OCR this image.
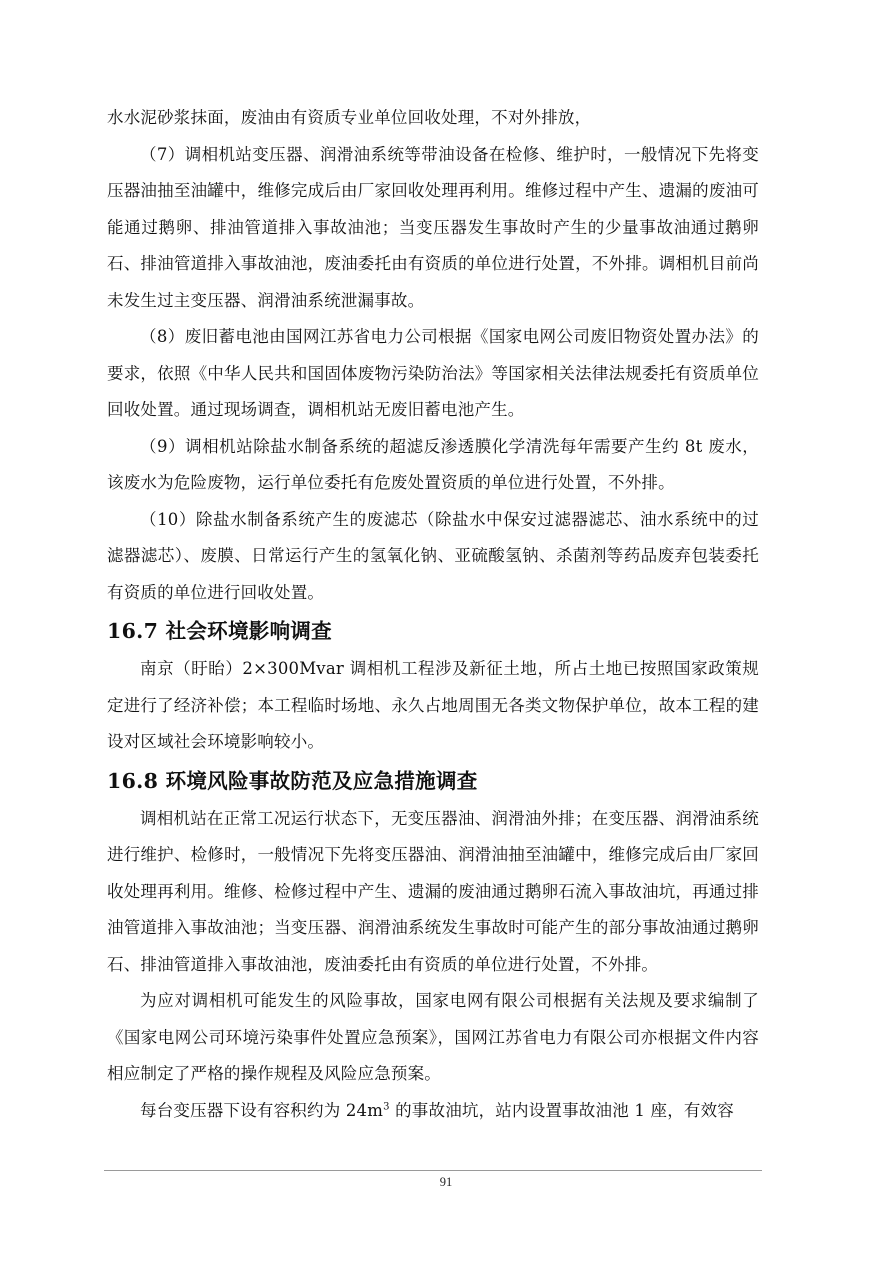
水水泥砂浆抹面，废油由有资质专业单位回收处理，不对外排放，

（7）调相机站变压器、润滑油系统等带油设备在检修、维护时，一般情况下先将变压器油抽至油罐中，维修完成后由厂家回收处理再利用。维修过程中产生、遗漏的废油可能通过鹅卵、排油管道排入事故油池；当变压器发生事故时产生的少量事故油通过鹅卵石、排油管道排入事故油池，废油委托由有资质的单位进行处置，不外排。调相机目前尚未发生过主变压器、润滑油系统泄漏事故。

（8）废旧蓄电池由国网江苏省电力公司根据《国家电网公司废旧物资处置办法》的要求，依照《中华人民共和国固体废物污染防治法》等国家相关法律法规委托有资质单位回收处置。通过现场调查，调相机站无废旧蓄电池产生。

（9）调相机站除盐水制备系统的超滤反渗透膜化学清洗每年需要产生约 8t 废水，该废水为危险废物，运行单位委托有危废处置资质的单位进行处置，不外排。

（10）除盐水制备系统产生的废滤芯（除盐水中保安过滤器滤芯、油水系统中的过滤器滤芯）、废膜、日常运行产生的氢氧化钠、亚硫酸氢钠、杀菌剂等药品废弃包装委托有资质的单位进行回收处置。

16.7 社会环境影响调查

南京（盱眙）2×300Mvar 调相机工程涉及新征土地，所占土地已按照国家政策规定进行了经济补偿；本工程临时场地、永久占地周围无各类文物保护单位，故本工程的建设对区域社会环境影响较小。

16.8 环境风险事故防范及应急措施调查

调相机站在正常工况运行状态下，无变压器油、润滑油外排；在变压器、润滑油系统进行维护、检修时，一般情况下先将变压器油、润滑油抽至油罐中，维修完成后由厂家回收处理再利用。维修、检修过程中产生、遗漏的废油通过鹅卵石流入事故油坑，再通过排油管道排入事故油池；当变压器、润滑油系统发生事故时可能产生的部分事故油通过鹅卵石、排油管道排入事故油池，废油委托由有资质的单位进行处置，不外排。

为应对调相机可能发生的风险事故，国家电网有限公司根据有关法规及要求编制了《国家电网公司环境污染事件处置应急预案》，国网江苏省电力有限公司亦根据文件内容相应制定了严格的操作规程及风险应急预案。

每台变压器下设有容积约为 $24m^3$ 的事故油坑，站内设置事故油池 1 座，有效容

91
